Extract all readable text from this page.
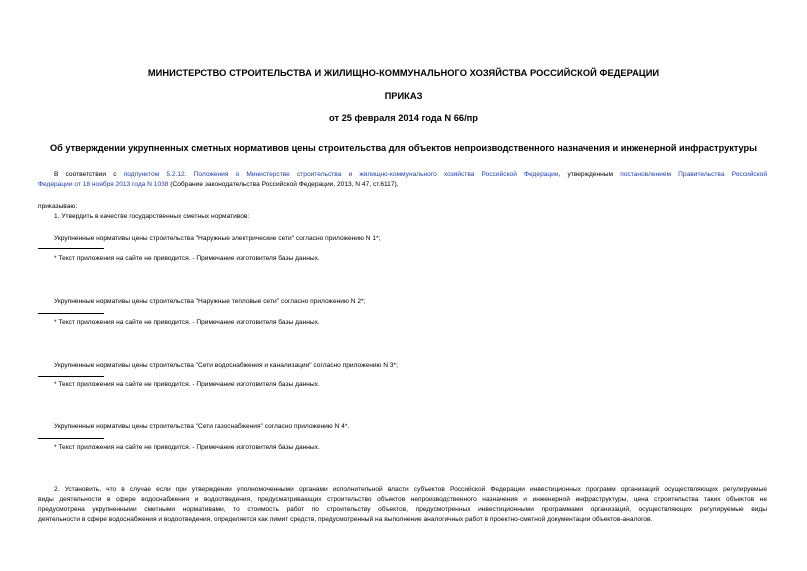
МИНИСТЕРСТВО СТРОИТЕЛЬСТВА И ЖИЛИЩНО-КОММУНАЛЬНОГО ХОЗЯЙСТВА РОССИЙСКОЙ ФЕДЕРАЦИИ
ПРИКАЗ
от 25 февраля 2014 года N 66/пр
Об утверждении укрупненных сметных нормативов цены строительства для объектов непроизводственного назначения и инженерной инфраструктуры
В соответствии с подпунктом 5.2.12. Положения о Министерстве строительства и жилищно-коммунального хозяйства Российской Федерации, утвержденным постановлением Правительства Российской
Федерации от 18 ноября 2013 года N 1038 (Собрание законодательства Российской Федерации, 2013, N 47, ст.6117),
приказываю:
1. Утвердить в качестве государственных сметных нормативов:
Укрупненные нормативы цены строительства "Наружные электрические сети" согласно приложению N 1*;
* Текст приложения на сайте не приводится. - Примечание изготовителя базы данных.
Укрупненные нормативы цены строительства "Наружные тепловые сети" согласно приложению N 2*;
* Текст приложения на сайте не приводится. - Примечание изготовителя базы данных.
Укрупненные нормативы цены строительства "Сети водоснабжения и канализации" согласно приложению N 3*;
* Текст приложения на сайте не приводится. - Примечание изготовителя базы данных.
Укрупненные нормативы цены строительства "Сети газоснабжения" согласно приложению N 4*.
* Текст приложения на сайте не приводится. - Примечание изготовителя базы данных.
2. Установить, что в случае если при утверждении уполномоченными органами исполнительной власти субъектов Российской Федерации инвестиционных программ организаций осуществляющих регулируемые
виды деятельности в сфере водоснабжения и водоотведения, предусматривающих строительство объектов непроизводственного назначения и инженерной инфраструктуры, цена строительства таких объектов не
предусмотрена укрупненными сметными нормативами, то стоимость работ по строительству объектов, предусмотренных инвестиционными программами организаций, осуществляющих регулируемые виды
деятельности в сфере водоснабжения и водоотведения, определяется как лимит средств, предусмотренный на выполнение аналогичных работ в проектно-сметной документации объектов-аналогов.
